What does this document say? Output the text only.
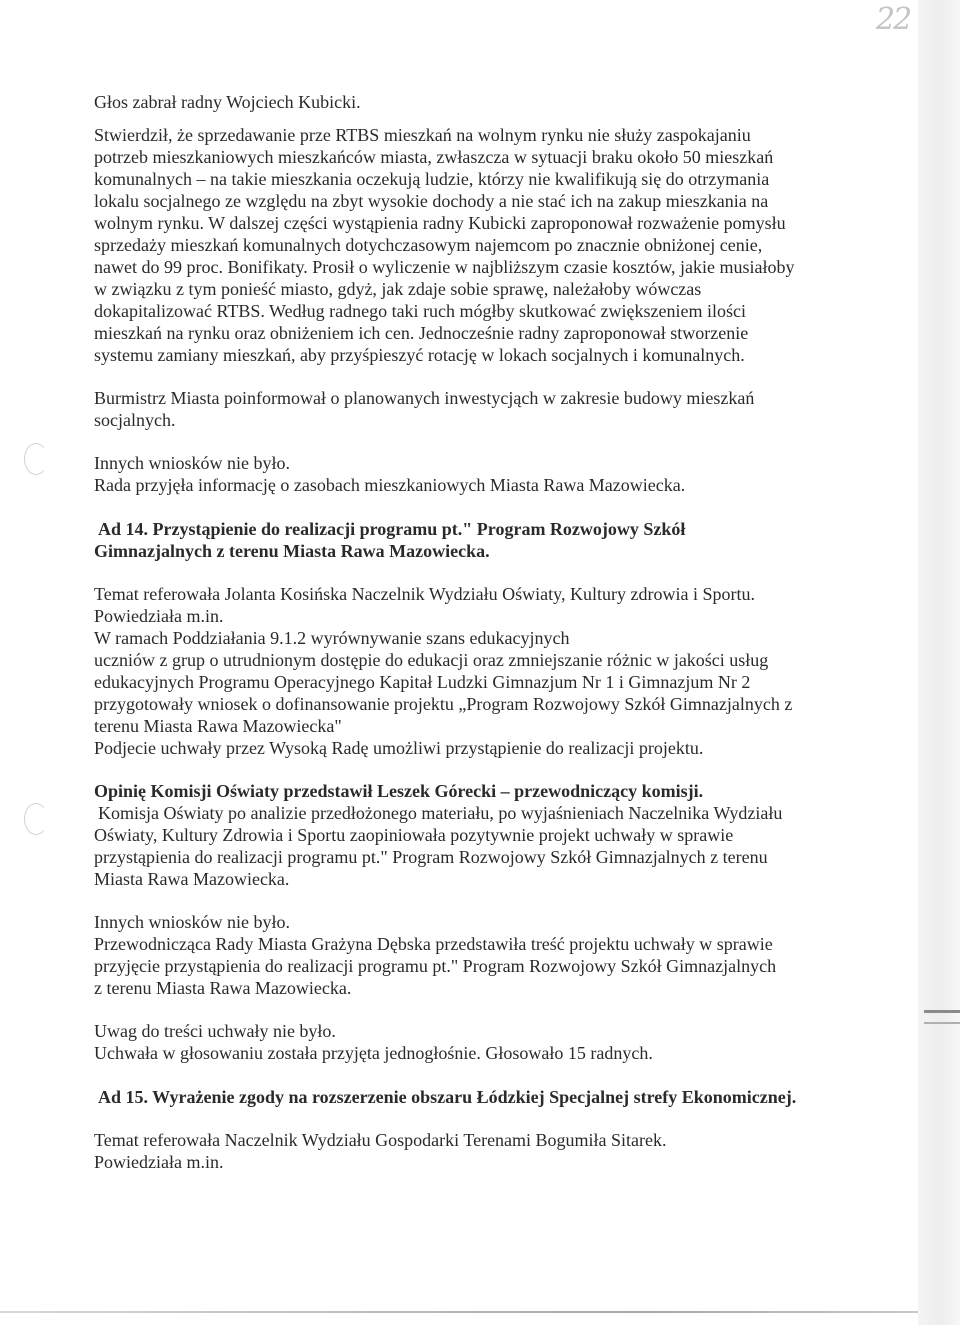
22
Głos zabrał radny Wojciech Kubicki.
Stwierdził, że sprzedawanie prze RTBS mieszkań na wolnym rynku nie służy zaspokajaniu
potrzeb mieszkaniowych mieszkańców miasta, zwłaszcza w sytuacji braku około 50 mieszkań
komunalnych – na takie mieszkania oczekują ludzie, którzy nie kwalifikują się do otrzymania
lokalu socjalnego ze względu na zbyt wysokie dochody a nie stać ich na zakup mieszkania na
wolnym rynku. W dalszej części wystąpienia radny Kubicki zaproponował rozważenie pomysłu
sprzedaży mieszkań komunalnych dotychczasowym najemcom po znacznie obniżonej cenie,
nawet do 99 proc. Bonifikaty. Prosił o wyliczenie w najbliższym czasie kosztów, jakie musiałoby
w związku z tym ponieść miasto, gdyż, jak zdaje sobie sprawę, należałoby wówczas
dokapitalizować RTBS. Według radnego taki ruch mógłby skutkować zwiększeniem ilości
mieszkań na rynku oraz obniżeniem ich cen. Jednocześnie radny zaproponował stworzenie
systemu zamiany mieszkań, aby przyśpieszyć rotację w lokach socjalnych i komunalnych.
Burmistrz Miasta poinformował o planowanych inwestycjąch w zakresie budowy mieszkań
socjalnych.
Innych wniosków nie było.
Rada przyjęła informację o zasobach mieszkaniowych Miasta Rawa Mazowiecka.
Ad 14. Przystąpienie do realizacji programu pt." Program Rozwojowy Szkół
Gimnazjalnych z terenu Miasta Rawa Mazowiecka.
Temat referowała Jolanta Kosińska Naczelnik Wydziału Oświaty, Kultury zdrowia i Sportu.
Powiedziała m.in.
W ramach Poddziałania 9.1.2 wyrównywanie szans edukacyjnych
uczniów z grup o utrudnionym dostępie do edukacji oraz zmniejszanie różnic w jakości usług
edukacyjnych Programu Operacyjnego Kapitał Ludzki Gimnazjum Nr 1 i Gimnazjum Nr 2
przygotowały wniosek o dofinansowanie projektu „Program Rozwojowy Szkół Gimnazjalnych z
terenu Miasta Rawa Mazowiecka"
Podjecie uchwały przez Wysoką Radę umożliwi przystąpienie do realizacji projektu.
Opinię Komisji Oświaty przedstawił Leszek Górecki – przewodniczący komisji.
Komisja Oświaty po analizie przedłożonego materiału, po wyjaśnieniach Naczelnika Wydziału
Oświaty, Kultury Zdrowia i Sportu zaopiniowała pozytywnie projekt uchwały w sprawie
przystąpienia do realizacji programu pt." Program Rozwojowy Szkół Gimnazjalnych z terenu
Miasta Rawa Mazowiecka.
Innych wniosków nie było.
Przewodnicząca Rady Miasta Grażyna Dębska przedstawiła treść projektu uchwały w sprawie
przyjęcie przystąpienia do realizacji programu pt." Program Rozwojowy Szkół Gimnazjalnych
z terenu Miasta Rawa Mazowiecka.
Uwag do treści uchwały nie było.
Uchwała w głosowaniu została przyjęta jednogłośnie. Głosowało 15 radnych.
Ad 15. Wyrażenie zgody na rozszerzenie obszaru Łódzkiej Specjalnej strefy Ekonomicznej.
Temat referowała Naczelnik Wydziału Gospodarki Terenami Bogumiła Sitarek.
Powiedziała m.in.
